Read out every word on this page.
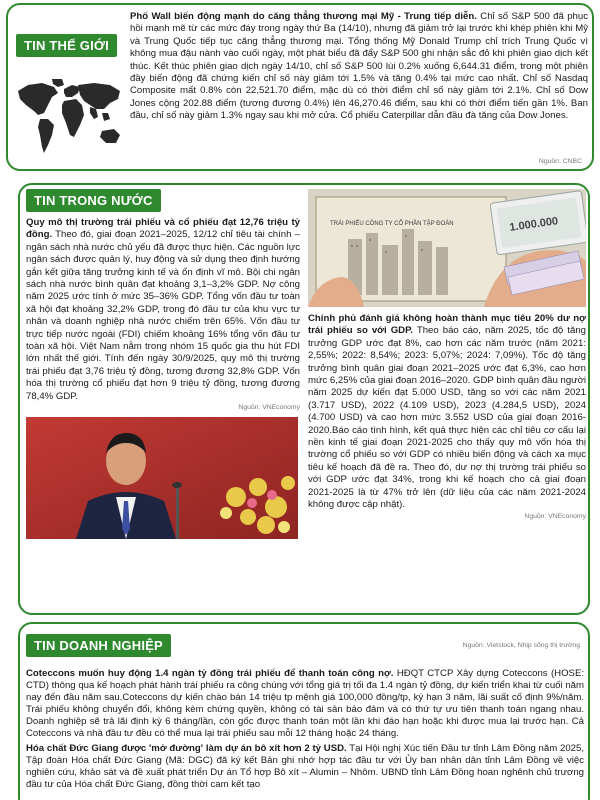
TIN THẾ GIỚI

Phố Wall biến động mạnh do căng thẳng thương mại Mỹ - Trung tiếp diễn. Chỉ số S&P 500 đã phục hồi mạnh mẽ từ các mức đáy trong ngày thứ Ba (14/10), nhưng đã giảm trở lại trước khi khép phiên khi Mỹ và Trung Quốc tiếp tục căng thẳng thương mại. Tổng thống Mỹ Donald Trump chỉ trích Trung Quốc vì không mua đậu nành vào cuối ngày, một phát biểu đã đẩy S&P 500 ghi nhận sắc đỏ khi phiên giao dịch kết thúc. Kết thúc phiên giao dịch ngày 14/10, chỉ số S&P 500 lùi 0.2% xuống 6,644.31 điểm, trong một phiên đầy biến động đã chứng kiến chỉ số này giảm tới 1.5% và tăng 0.4% tại mức cao nhất. Chỉ số Nasdaq Composite mất 0.8% còn 22,521.70 điểm, mặc dù có thời điểm chỉ số này giảm tới 2.1%. Chỉ số Dow Jones cộng 202.88 điểm (tương đương 0.4%) lên 46,270.46 điểm, sau khi có thời điểm tiến gần 1%. Ban đầu, chỉ số này giảm 1.3% ngay sau khi mở cửa. Cổ phiếu Caterpillar dẫn đầu đà tăng của Dow Jones.

Nguồn: CNBC
TIN TRONG NƯỚC

Quy mô thị trường trái phiếu và cổ phiếu đạt 12,76 triệu tỷ đồng. Theo đó, giai đoạn 2021–2025, 12/12 chỉ tiêu tài chính – ngân sách nhà nước chủ yếu đã được thực hiện. Các nguồn lực ngân sách được quản lý, huy động và sử dụng theo định hướng gắn kết giữa tăng trưởng kinh tế và ổn định vĩ mô. Bội chi ngân sách nhà nước bình quân đạt khoảng 3,1–3,2% GDP. Nợ công năm 2025 ước tính ở mức 35–36% GDP. Tổng vốn đầu tư toàn xã hội đạt khoảng 32,2% GDP, trong đó đầu tư của khu vực tư nhân và doanh nghiệp nhà nước chiếm trên 65%. Vốn đầu tư trực tiếp nước ngoài (FDI) chiếm khoảng 16% tổng vốn đầu tư toàn xã hội. Việt Nam nằm trong nhóm 15 quốc gia thu hút FDI lớn nhất thế giới. Tính đến ngày 30/9/2025, quy mô thị trường trái phiếu đạt 3,76 triệu tỷ đồng, tương đương 32,8% GDP. Vốn hóa thị trường cổ phiếu đạt hơn 9 triệu tỷ đồng, tương đương 78,4% GDP.

Nguồn: VNEconomy
TRÁI PHIẾU CÔNG TY CỔ PHẦN TẬP ĐOÀN	1.000.000

Chính phủ đánh giá không hoàn thành mục tiêu 20% dư nợ trái phiếu so với GDP. Theo báo cáo, năm 2025, tốc độ tăng trưởng GDP ước đạt 8%, cao hơn các năm trước (năm 2021: 2,55%; 2022: 8,54%; 2023: 5,07%; 2024: 7,09%). Tốc độ tăng trưởng bình quân giai đoạn 2021–2025 ước đạt 6,3%, cao hơn mức 6,25% của giai đoạn 2016–2020. GDP bình quân đầu người năm 2025 dự kiến đạt 5.000 USD, tăng so với các năm 2021 (3.717 USD), 2022 (4.109 USD), 2023 (4.284,5 USD), 2024 (4.700 USD) và cao hơn mức 3.552 USD của giai đoạn 2016-2020.Báo cáo tình hình, kết quả thực hiện các chỉ tiêu cơ cấu lại nền kinh tế giai đoạn 2021-2025 cho thấy quy mô vốn hóa thị trường cổ phiếu so với GDP có nhiều biến động và cách xa mục tiêu kế hoạch đã đề ra. Theo đó, dư nợ thị trường trái phiếu so với GDP ước đạt 34%, trong khi kế hoạch cho cả giai đoạn 2021-2025 là từ 47% trở lên (dữ liệu của các năm 2021-2024 không được cập nhật).

Nguồn: VNEconomy
TIN DOANH NGHIỆP	Nguồn: Vietstock, Nhịp sống thị trường

Coteccons muốn huy động 1.4 ngàn tỷ đồng trái phiếu để thanh toán công nợ. HĐQT CTCP Xây dựng Coteccons (HOSE: CTD) thông qua kế hoạch phát hành trái phiếu ra công chúng với tổng giá trị tối đa 1.4 ngàn tỷ đồng, dự kiến triển khai từ cuối năm nay đến đầu năm sau.Coteccons dự kiến chào bán 14 triệu tp mệnh giá 100,000 đồng/tp, kỳ hạn 3 năm, lãi suất cố định 9%/năm. Trái phiếu không chuyển đổi, không kèm chứng quyền, không có tài sản bảo đảm và có thứ tự ưu tiên thanh toán ngang nhau. Doanh nghiệp sẽ trả lãi định kỳ 6 tháng/lần, còn gốc được thanh toán một lần khi đáo hạn hoặc khi được mua lại trước hạn. Cả Coteccons và nhà đầu tư đều có thể mua lại trái phiếu sau mỗi 12 tháng hoặc 24 tháng.

Hóa chất Đức Giang được 'mở đường' làm dự án bô xít hơn 2 tỷ USD. Tại Hội nghị Xúc tiến Đầu tư tỉnh Lâm Đồng năm 2025, Tập đoàn Hóa chất Đức Giang (Mã: DGC) đã ký kết Bản ghi nhớ hợp tác đầu tư với Ủy ban nhân dân tỉnh Lâm Đồng về việc nghiên cứu, khảo sát và đề xuất phát triển Dự án Tổ hợp Bô xít – Alumin – Nhôm. UBND tỉnh Lâm Đồng hoan nghênh chủ trương đầu tư của Hóa chất Đức Giang, đồng thời cam kết tạo
